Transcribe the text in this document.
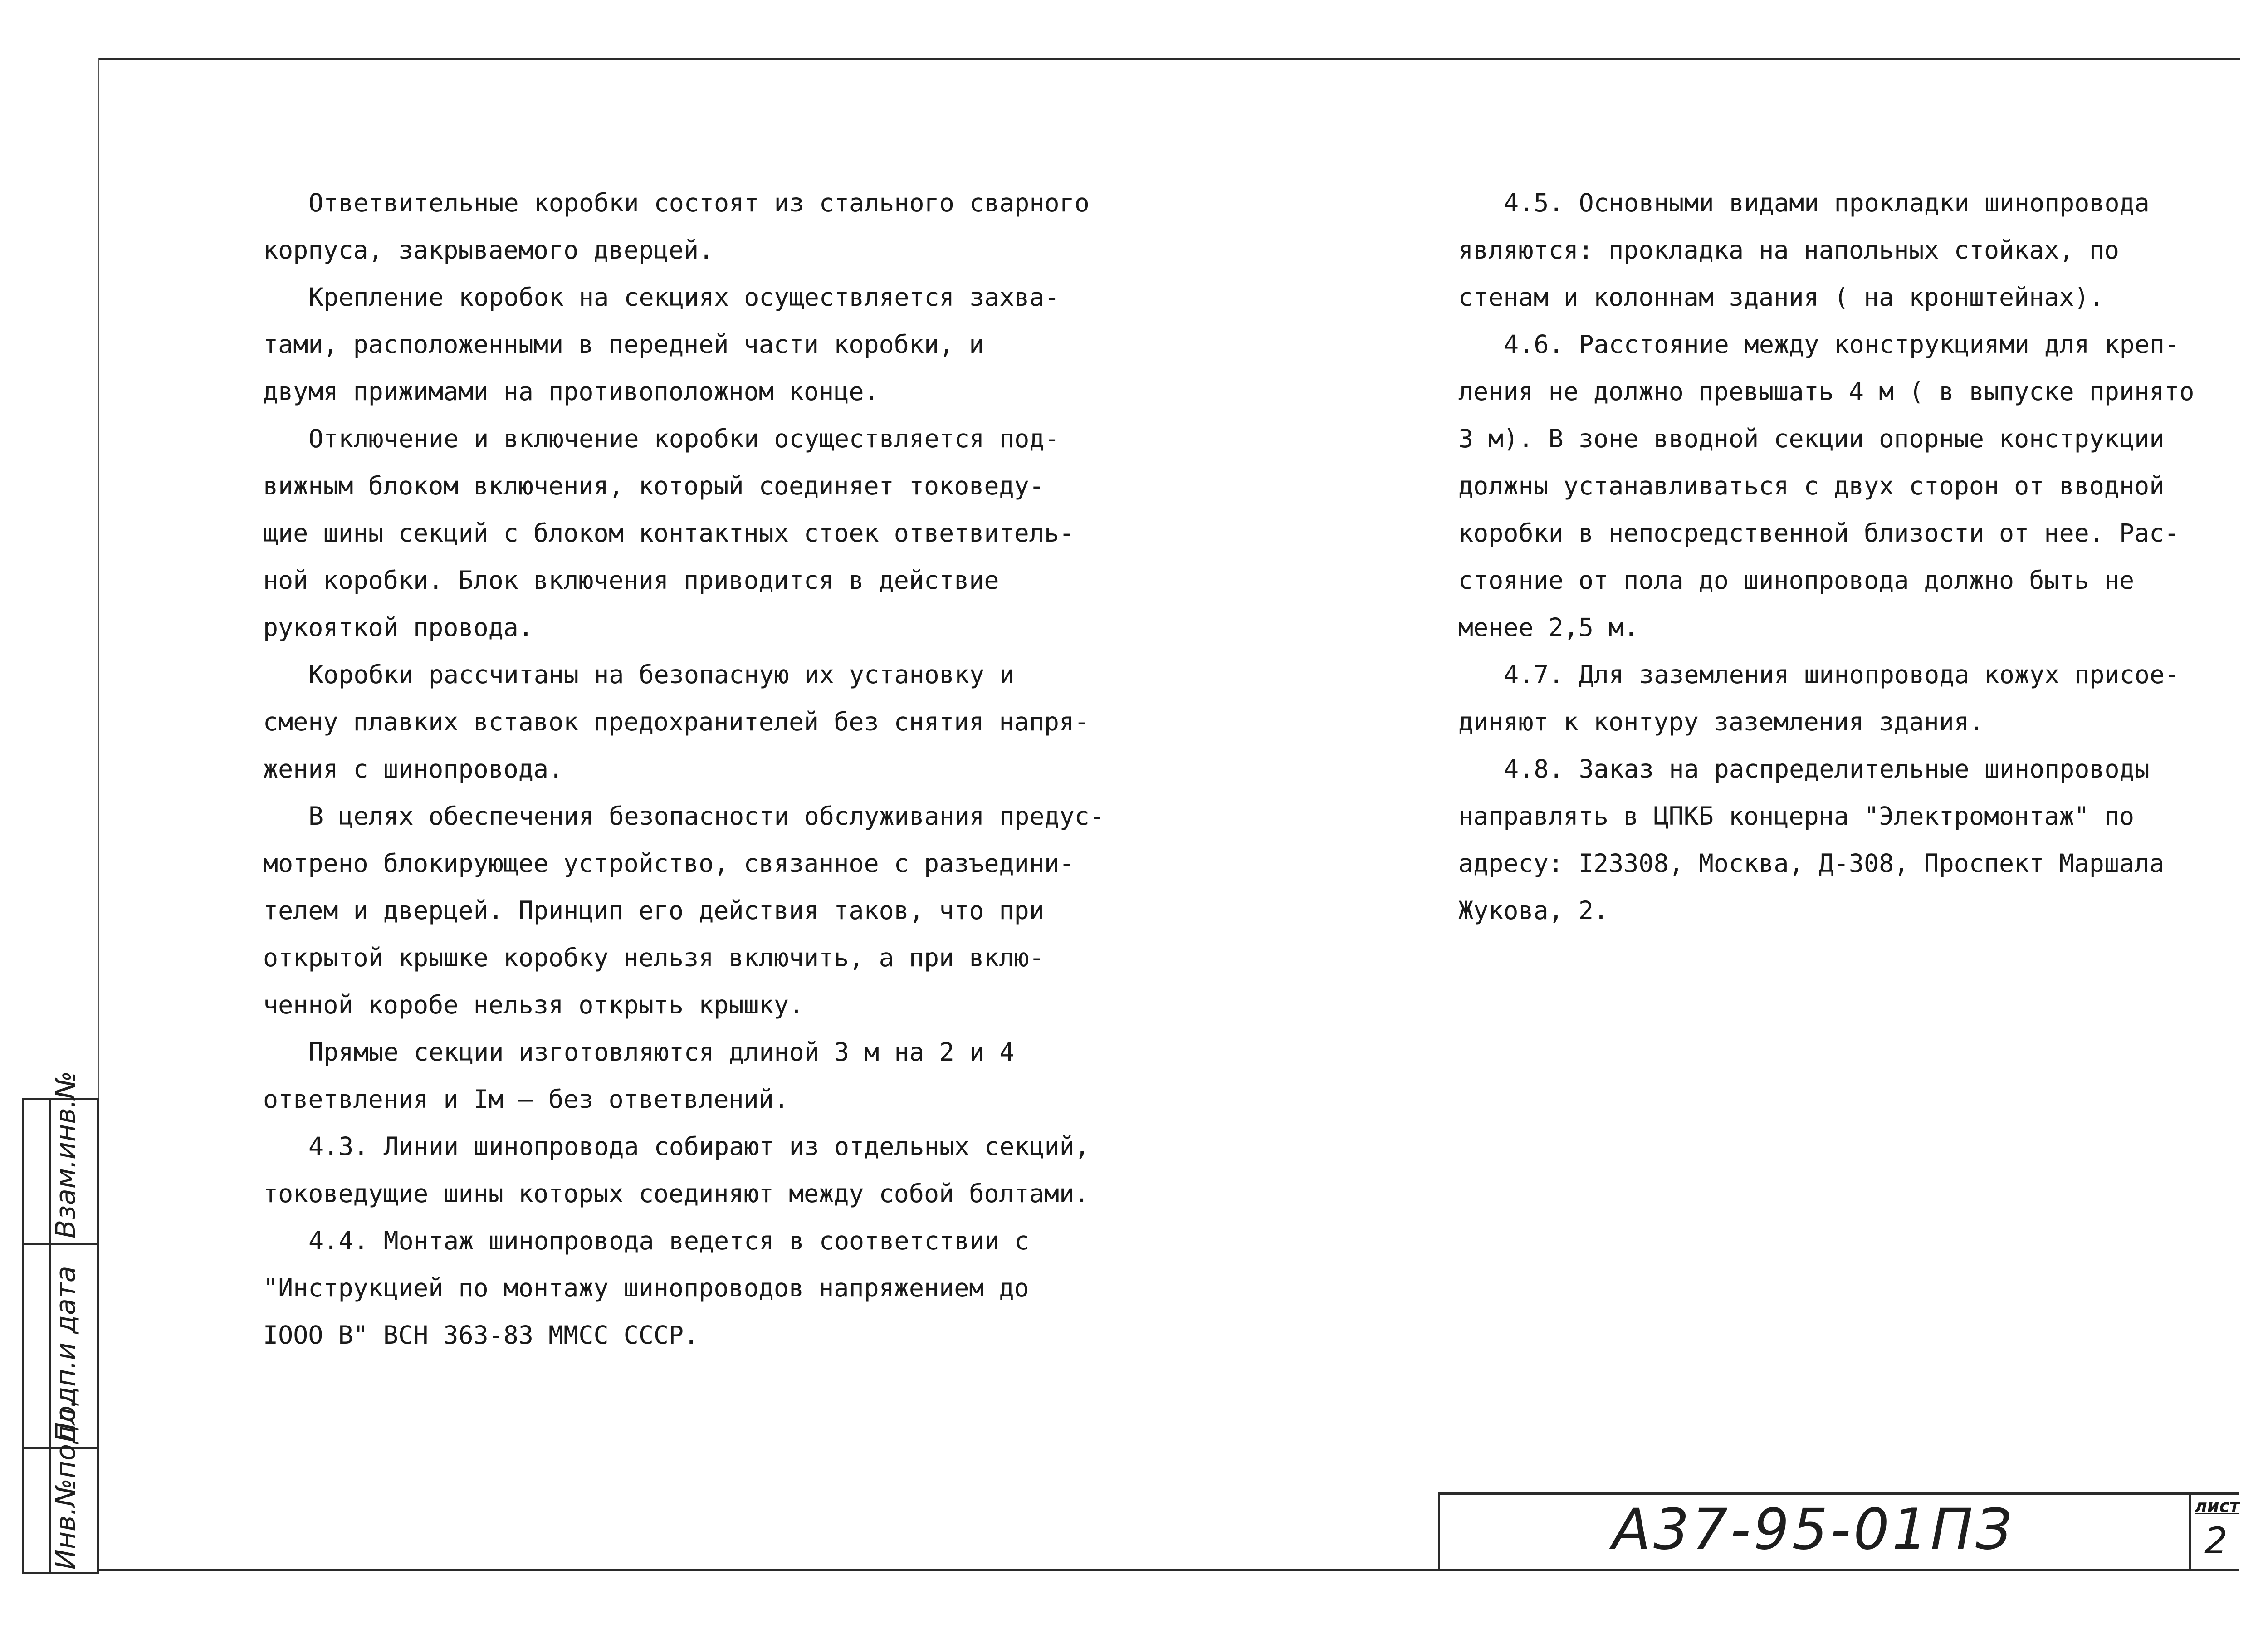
Ответвительные коробки состоят из стального сварного
корпуса, закрываемого дверцей.

Крепление коробок на секциях осуществляется захва-
тами, расположенными в передней части коробки, и
двумя прижимами на противоположном конце.

Отключение и включение коробки осуществляется под-
вижным блоком включения, который соединяет токоведу-
щие шины секций с блоком контактных стоек ответвитель-
ной коробки. Блок включения приводится в действие
рукояткой провода.

Коробки рассчитаны на безопасную их установку и
смену плавких вставок предохранителей без снятия напря-
жения с шинопровода.

В целях обеспечения безопасности обслуживания предус-
мотрено блокирующее устройство, связанное с разъедини-
телем и дверцей. Принцип его действия таков, что при
открытой крышке коробку нельзя включить, а при вклю-
ченной коробе нельзя открыть крышку.

Прямые секции изготовляются длиной 3 м на 2 и 4
ответвления и Iм – без ответвлений.

4.3. Линии шинопровода собирают из отдельных секций,
токоведущие шины которых соединяют между собой болтами.

4.4. Монтаж шинопровода ведется в соответствии с
"Инструкцией по монтажу шинопроводов напряжением до
IOOO В" ВСН 363-83 ММСС СССР.

4.5. Основными видами прокладки шинопровода
являются: прокладка на напольных стойках, по
стенам и колоннам здания ( на кронштейнах).

4.6. Расстояние между конструкциями для креп-
ления не должно превышать 4 м ( в выпуске принято
3 м). В зоне вводной секции опорные конструкции
должны устанавливаться с двух сторон от вводной
коробки в непосредственной близости от нее. Рас-
стояние от пола до шинопровода должно быть не
менее 2,5 м.

4.7. Для заземления шинопровода кожух присое-
диняют к контуру заземления здания.

4.8. Заказ на распределительные шинопроводы
направлять в ЦПКБ концерна "Электромонтаж" по
адресу: I23308, Москва, Д-308, Проспект Маршала
Жукова, 2.

А37-95-01ПЗ	лист
2
Инв.№подл.
Подп.и дата
Взам.инв.№
